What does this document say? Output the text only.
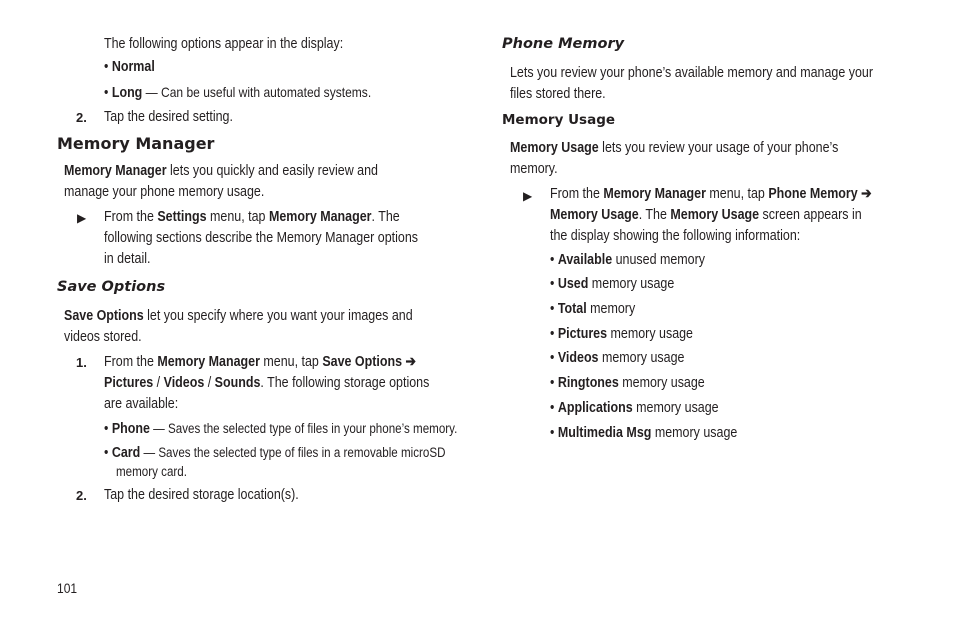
The following options appear in the display:
• Normal
• Long — Can be useful with automated systems.
2. Tap the desired setting.
Memory Manager
Memory Manager lets you quickly and easily review and
manage your phone memory usage.
▶ From the Settings menu, tap Memory Manager. The
following sections describe the Memory Manager options
in detail.
Save Options
Save Options let you specify where you want your images and
videos stored.
1. From the Memory Manager menu, tap Save Options ➔
Pictures / Videos / Sounds. The following storage options
are available:
• Phone — Saves the selected type of files in your phone’s memory.
• Card — Saves the selected type of files in a removable microSD
memory card.
2. Tap the desired storage location(s).
Phone Memory
Lets you review your phone’s available memory and manage your
files stored there.
Memory Usage
Memory Usage lets you review your usage of your phone’s
memory.
▶ From the Memory Manager menu, tap Phone Memory ➔
Memory Usage. The Memory Usage screen appears in
the display showing the following information:
• Available unused memory
• Used memory usage
• Total memory
• Pictures memory usage
• Videos memory usage
• Ringtones memory usage
• Applications memory usage
• Multimedia Msg memory usage
101
